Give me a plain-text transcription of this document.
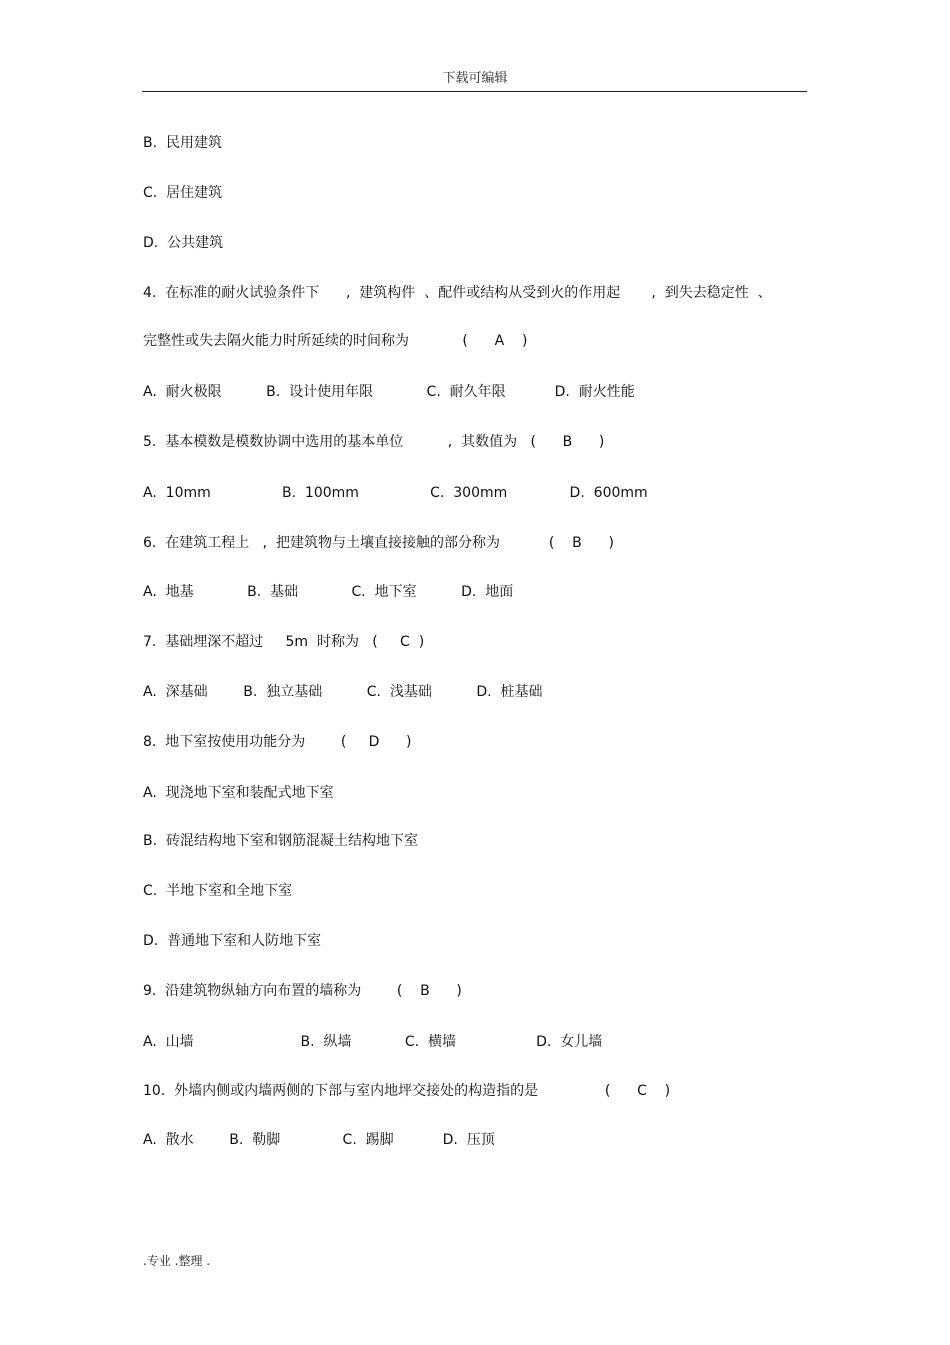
下载可编辑
B.  民用建筑
C.  居住建筑
D.  公共建筑
4.  在标准的耐火试验条件下      ,  建筑构件  、配件或结构从受到火的作用起       ,  到失去稳定性  、
完整性或失去隔火能力时所延续的时间称为            (      A    )
A.  耐火极限          B.  设计使用年限            C.  耐久年限           D.  耐火性能
5.  基本模数是模数协调中选用的基本单位          ,  其数值为   (      B      )
A.  10mm                B.  100mm                C.  300mm              D.  600mm
6.  在建筑工程上   ,  把建筑物与土壤直接接触的部分称为           (    B      )
A.  地基            B.  基础            C.  地下室          D.  地面
7.  基础埋深不超过     5m  时称为   (     C  )
A.  深基础        B.  独立基础          C.  浅基础          D.  桩基础
8.  地下室按使用功能分为        (     D      )
A.  现浇地下室和装配式地下室
B.  砖混结构地下室和钢筋混凝土结构地下室
C.  半地下室和全地下室
D.  普通地下室和人防地下室
9.  沿建筑物纵轴方向布置的墙称为        (    B      )
A.  山墙                        B.  纵墙            C.  横墙                  D.  女儿墙
10.  外墙内侧或内墙两侧的下部与室内地坪交接处的构造指的是               (      C    )
A.  散水        B.  勒脚              C.  踢脚           D.  压顶
.专业 .整理 .
